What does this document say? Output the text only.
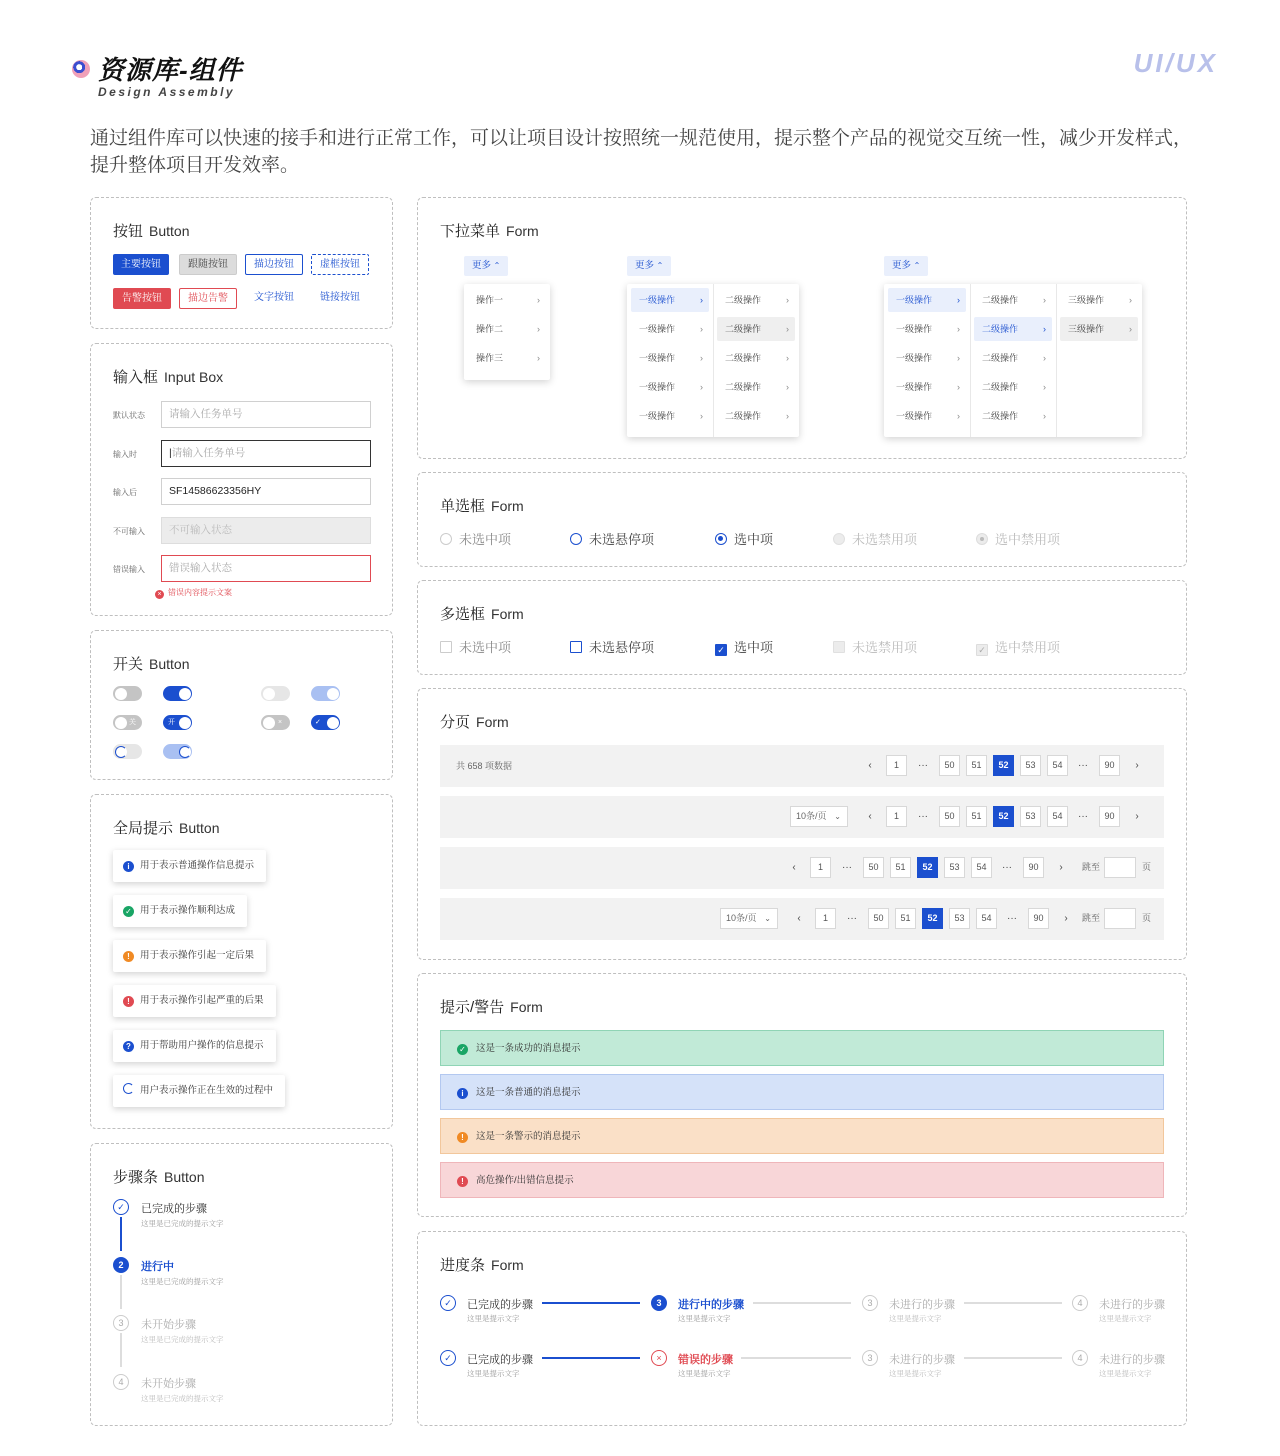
资源库-组件
Design Assembly
UI/UX
通过组件库可以快速的接手和进行正常工作，可以让项目设计按照统一规范使用，提示整个产品的视觉交互统一性，减少开发样式，提升整体项目开发效率。
按钮 Button
主要按钮	跟随按钮	描边按钮	虚框按钮
告警按钮	描边告警	文字按钮	链接按钮
输入框 Input Box
默认状态	请输入任务单号
输入时	|请输入任务单号
输入后	SF14586623356HY
不可输入	不可输入状态
错误输入	错误输入状态
× 错误内容提示文案
开关 Button
关	开	×	✓
全局提示 Button
i 用于表示普通操作信息提示
✓ 用于表示操作顺利达成
! 用于表示操作引起一定后果
! 用于表示操作引起严重的后果
? 用于帮助用户操作的信息提示
用户表示操作正在生效的过程中
步骤条 Button
✓	已完成的步骤
这里是已完成的提示文字
2	进行中
这里是已完成的提示文字
3	未开始步骤
这里是已完成的提示文字
4	未开始步骤
这里是已完成的提示文字
下拉菜单 Form
更多 ⌃
操作一	›
操作二	›
操作三	›
更多 ⌃
一级操作	›
一级操作	›
一级操作	›
一级操作	›
一级操作	›
二级操作	›
二级操作	›
二级操作	›
二级操作	›
二级操作	›
更多 ⌃
一级操作	›
一级操作	›
一级操作	›
一级操作	›
一级操作	›
二级操作	›
二级操作	›
二级操作	›
二级操作	›
二级操作	›
三级操作	›
三级操作	›
单选框 Form
未选中项	未选悬停项	选中项	未选禁用项	选中禁用项
多选框 Form
未选中项	未选悬停项	✓ 选中项	未选禁用项	✓ 选中禁用项
分页 Form
共 658 项数据	‹	1	···	50	51	52	53	54	···	90	›
10条/页 ⌄	‹	1	···	50	51	52	53	54	···	90	›
‹	1	···	50	51	52	53	54	···	90	›	跳至	页
10条/页 ⌄	‹	1	···	50	51	52	53	54	···	90	›	跳至	页
提示/警告 Form
✓ 这是一条成功的消息提示
i 这是一条普通的消息提示
! 这是一条警示的消息提示
! 高危操作/出错信息提示
进度条 Form
✓	已完成的步骤
这里是提示文字
3	进行中的步骤
这里是提示文字
3	未进行的步骤
这里是提示文字
4	未进行的步骤
这里是提示文字
✓	已完成的步骤
这里是提示文字
×	错误的步骤
这里是提示文字
3	未进行的步骤
这里是提示文字
4	未进行的步骤
这里是提示文字
